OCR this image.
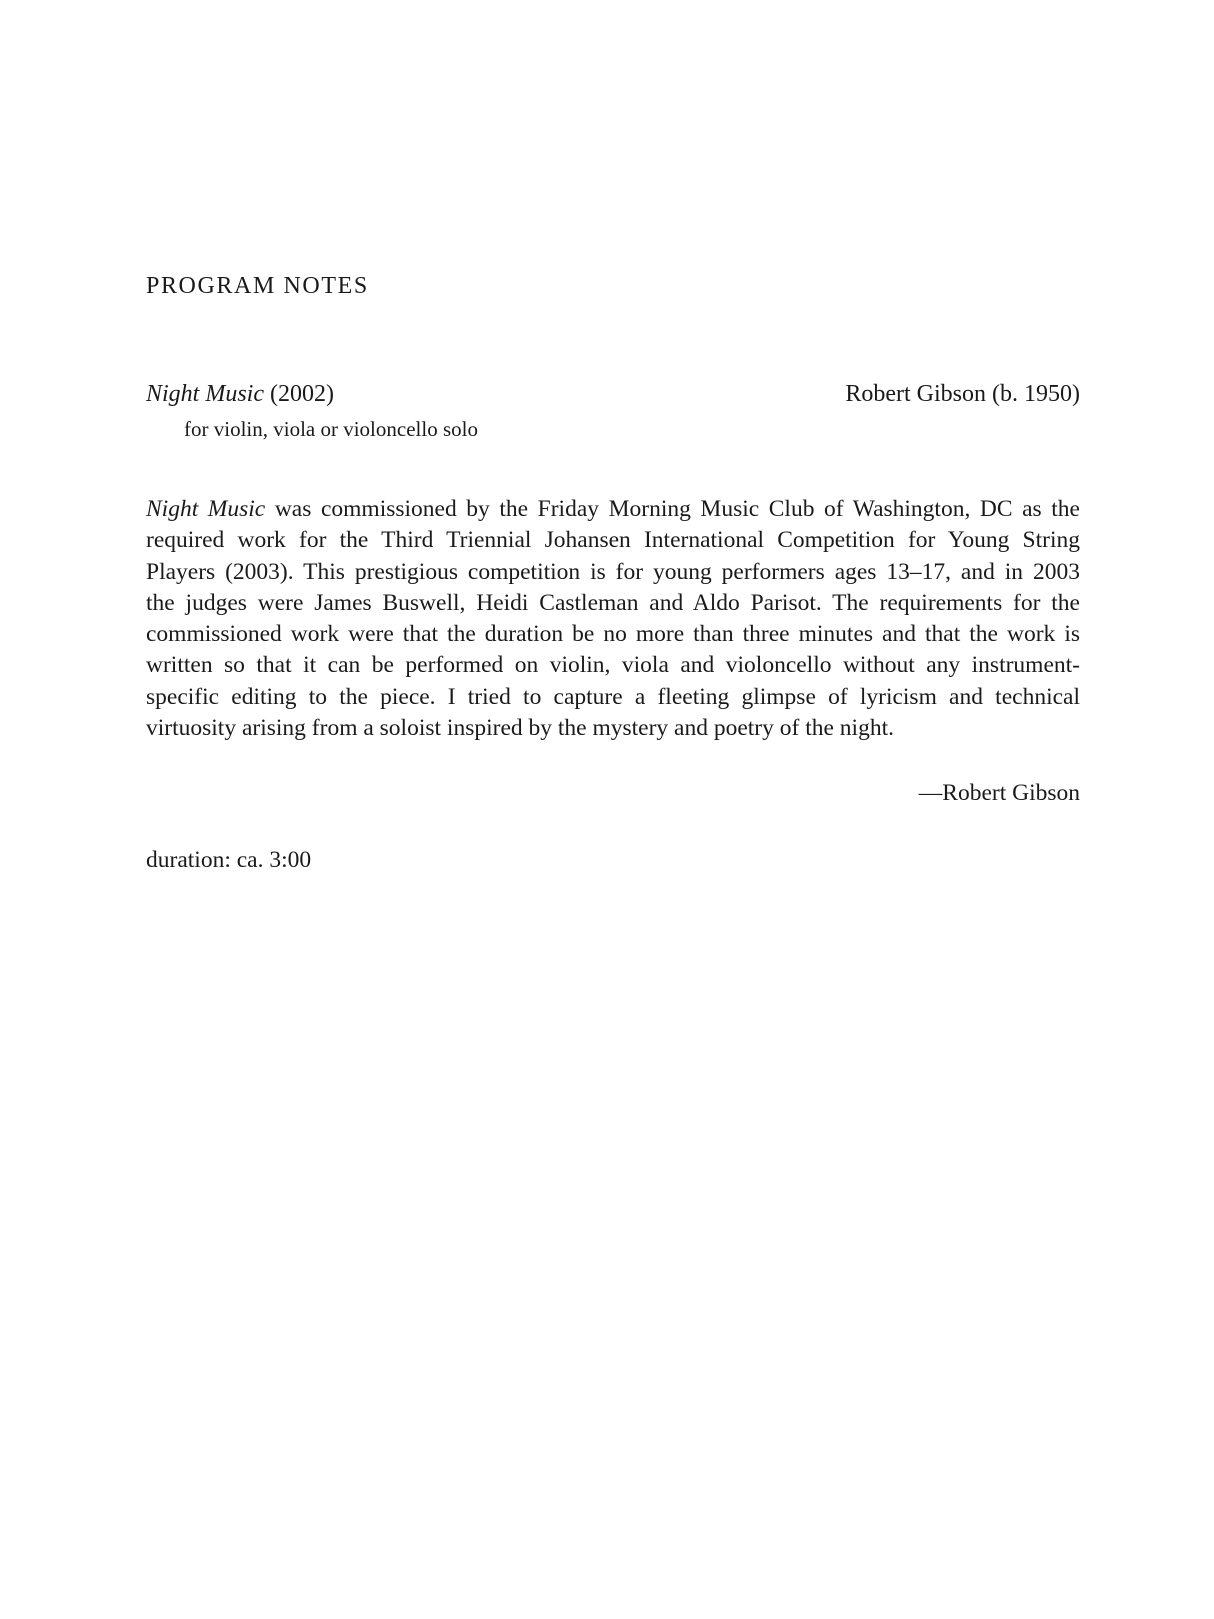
PROGRAM NOTES
Night Music (2002)	Robert Gibson (b. 1950)
for violin, viola or violoncello solo
Night Music was commissioned by the Friday Morning Music Club of Washington, DC as the
required work for the Third Triennial Johansen International Competition for Young String
Players (2003). This prestigious competition is for young performers ages 13–17, and in 2003
the judges were James Buswell, Heidi Castleman and Aldo Parisot. The requirements for the
commissioned work were that the duration be no more than three minutes and that the work is
written so that it can be performed on violin, viola and violoncello without any instrument-
specific editing to the piece. I tried to capture a fleeting glimpse of lyricism and technical
virtuosity arising from a soloist inspired by the mystery and poetry of the night.
—Robert Gibson
duration: ca. 3:00
